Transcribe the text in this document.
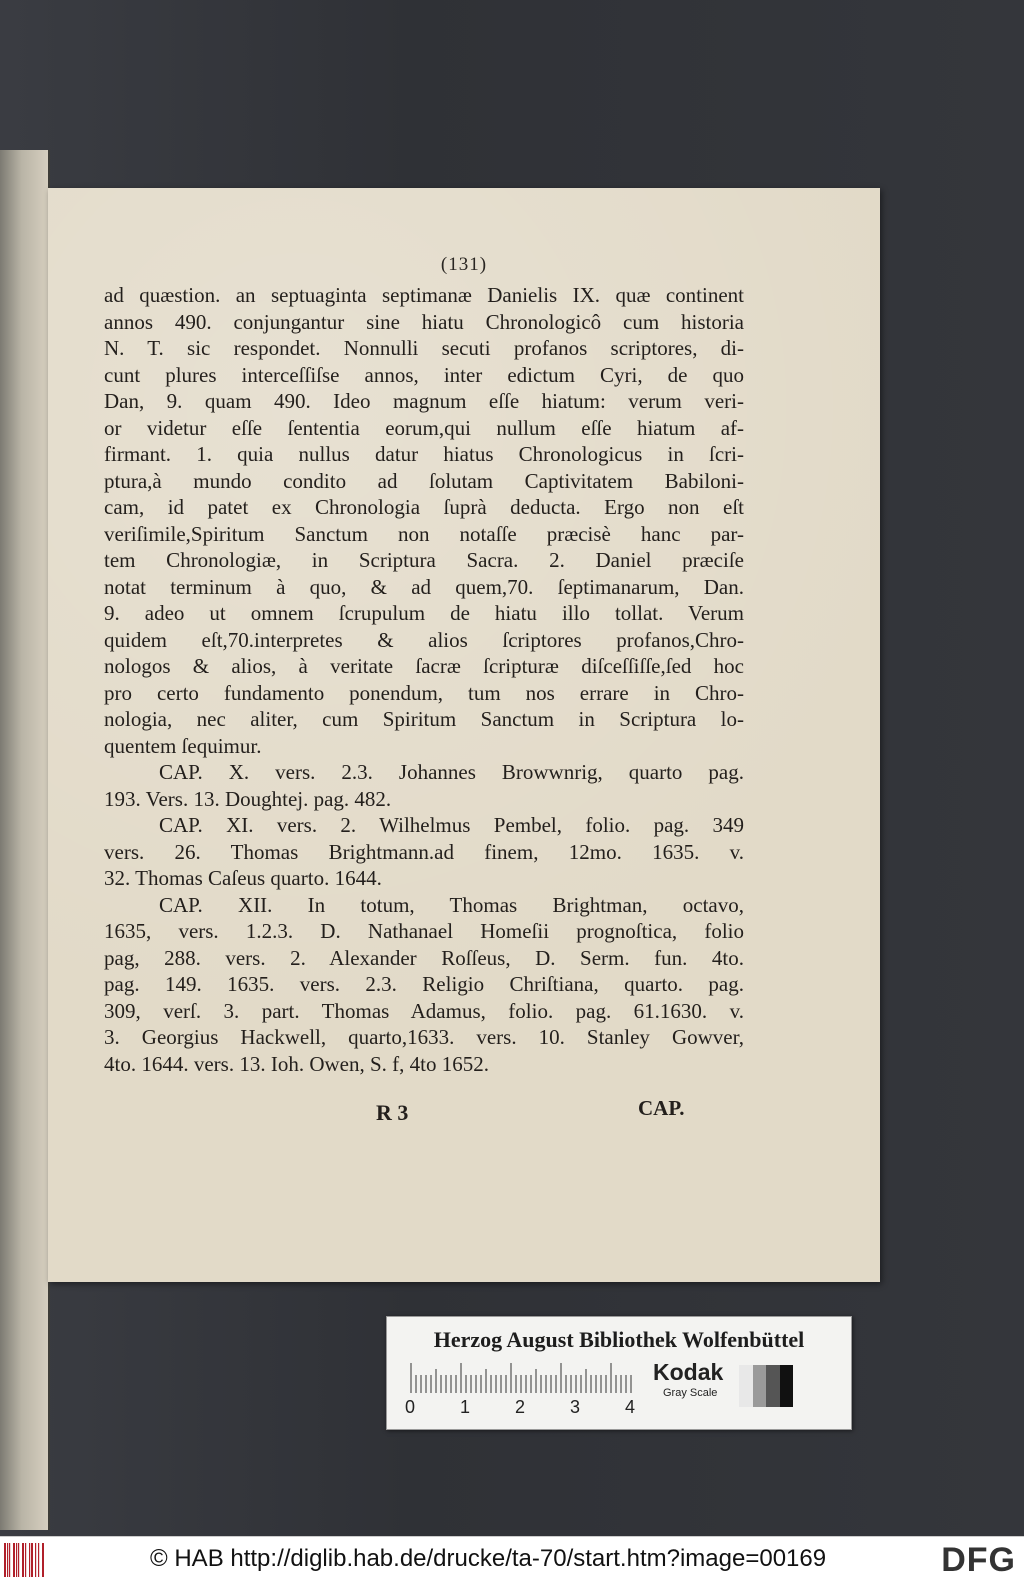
(131)
ad quæstion. an septuaginta septimanæ Danielis IX. quæ continent
annos 490. conjungantur sine hiatu Chronologicô cum historia
N. T. sic respondet. Nonnulli secuti profanos scriptores, di-
cunt plures interceſſiſse annos, inter edictum Cyri, de quo
Dan, 9. quam 490. Ideo magnum eſſe hiatum: verum veri-
or videtur eſſe ſententia eorum,qui nullum eſſe hiatum af-
firmant. 1. quia nullus datur hiatus Chronologicus in ſcri-
ptura,à mundo condito ad ſolutam Captivitatem Babiloni-
cam, id patet ex Chronologia ſuprà deducta. Ergo non eſt
veriſimile,Spiritum Sanctum non notaſſe præcisè hanc par-
tem Chronologiæ, in Scriptura Sacra. 2. Daniel præciſe
notat terminum à quo, & ad quem,70. ſeptimanarum, Dan.
9. adeo ut omnem ſcrupulum de hiatu illo tollat. Verum
quidem eſt,70.interpretes & alios ſcriptores profanos,Chro-
nologos & alios, à veritate ſacræ ſcripturæ diſceſſiſſe,ſed hoc
pro certo fundamento ponendum, tum nos errare in Chro-
nologia, nec aliter, cum Spiritum Sanctum in Scriptura lo-
quentem ſequimur.
CAP. X. vers. 2.3. Johannes Browwnrig, quarto pag.
193. Vers. 13. Doughtej. pag. 482.
CAP. XI. vers. 2. Wilhelmus Pembel, folio. pag. 349
vers. 26. Thomas Brightmann.ad finem, 12mo. 1635. v.
32. Thomas Caſeus quarto. 1644.
CAP. XII. In totum, Thomas Brightman, octavo,
1635, vers. 1.2.3. D. Nathanael Homeſii prognoſtica, folio
pag, 288. vers. 2. Alexander Roſſeus, D. Serm. fun. 4to.
pag. 149. 1635. vers. 2.3. Religio Chriſtiana, quarto. pag.
309, verſ. 3. part. Thomas Adamus, folio. pag. 61.1630. v.
3. Georgius Hackwell, quarto,1633. vers. 10. Stanley Gowver,
4to. 1644. vers. 13. Ioh. Owen, S. f, 4to 1652.
R 3	CAP.
Herzog August Bibliothek Wolfenbüttel
0 1 2 3 4
Kodak
Gray Scale
© HAB http://diglib.hab.de/drucke/ta-70/start.htm?image=00169	DFG
